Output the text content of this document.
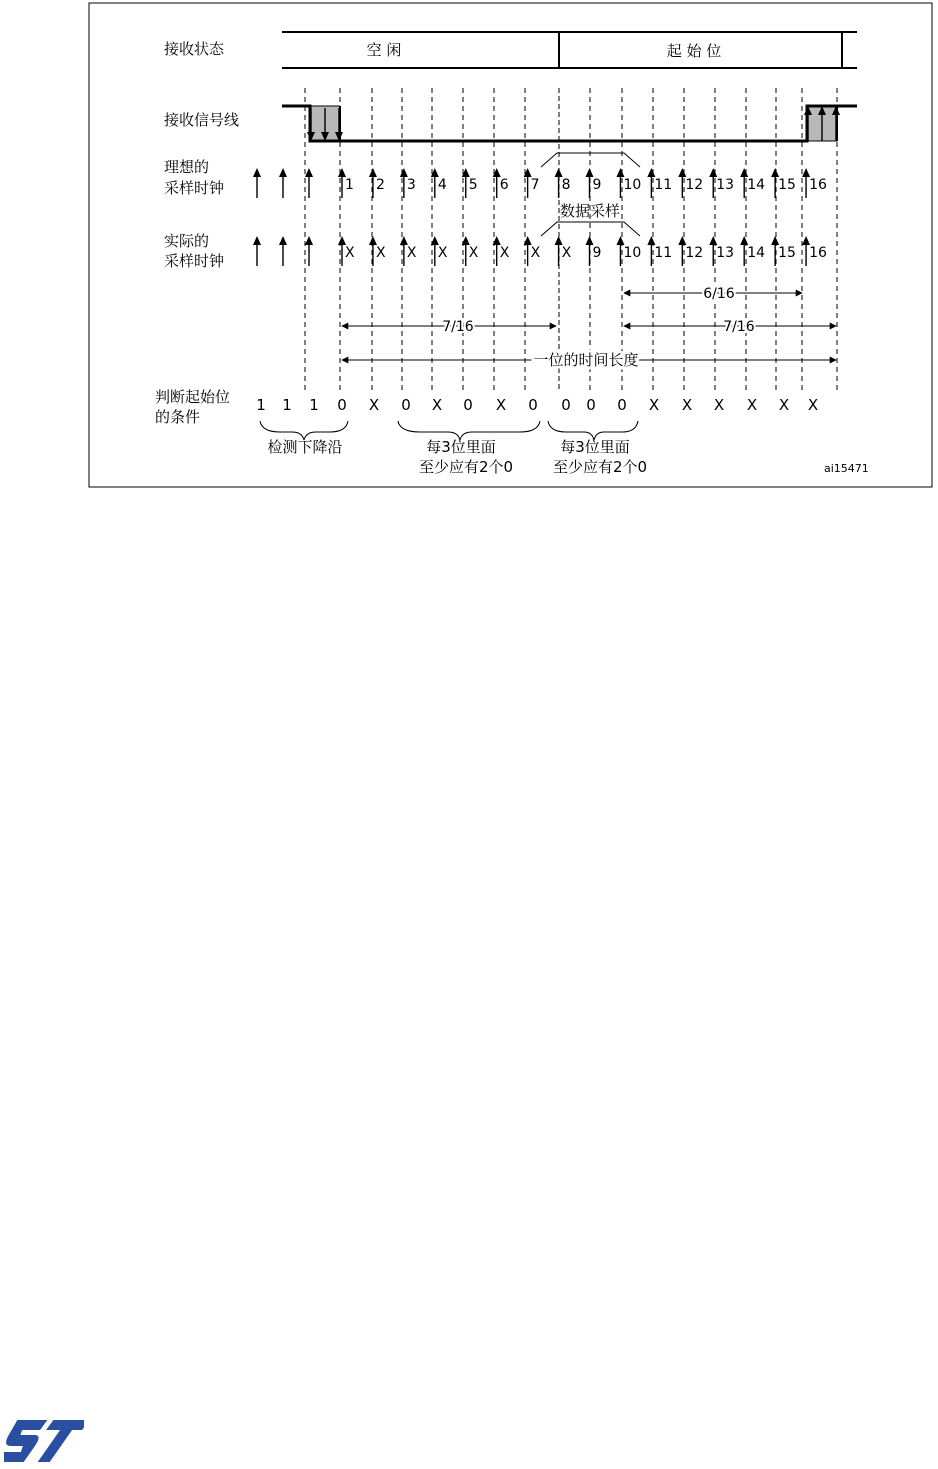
接收状态
接收信号线
理想的
采样时钟
实际的
采样时钟
判断起始位
的条件
空 闲	起 始 位
1 2 3 4 5 6 7 8 9 10 11 12 13 14 15 16
数据采样
X X X X X X X X 9 10 11 12 13 14 15 16
6/16
7/16	7/16
一位的时间长度
1 1 1 0 X 0 X 0 X 0 0 0 0 X X X X X X
检测下降沿	每3位里面
至少应有2个0
每3位里面
至少应有2个0	ai15471
